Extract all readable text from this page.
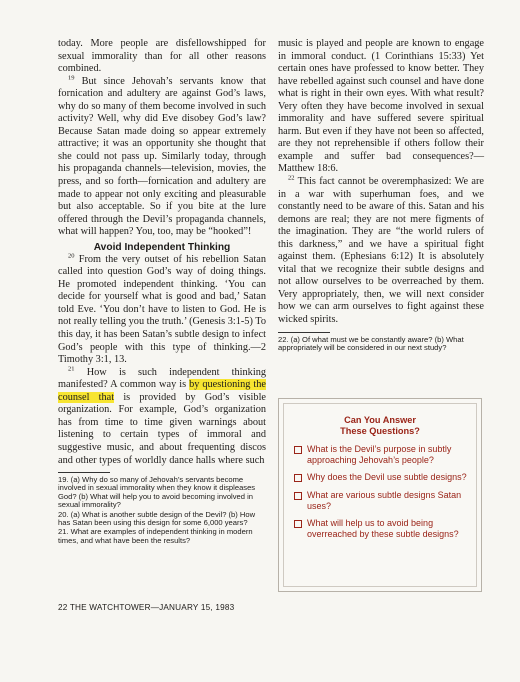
today. More people are disfellowshipped for sexual immorality than for all other reasons combined.

$^{19}$ But since Jehovah’s servants know that fornication and adultery are against God’s laws, why do so many of them become involved in such activity? Well, why did Eve disobey God’s law? Because Satan made doing so appear extremely attractive; it was an opportunity she thought that she could not pass up. Similarly today, through his propaganda channels—television, movies, the press, and so forth—fornication and adultery are made to appear not only exciting and pleasurable but also acceptable. So if you bite at the lure offered through the Devil’s propaganda channels, what will happen? You, too, may be “hooked”!

Avoid Independent Thinking

$^{20}$ From the very outset of his rebellion Satan called into question God’s way of doing things. He promoted independent thinking. ‘You can decide for yourself what is good and bad,’ Satan told Eve. ‘You don’t have to listen to God. He is not really telling you the truth.’ (Genesis 3:1-5) To this day, it has been Satan’s subtle design to infect God’s people with this type of thinking.—2 Timothy 3:1, 13.

$^{21}$ How is such independent thinking manifested? A common way is by questioning the counsel that is provided by God’s visible organization. For example, God’s organization has from time to time given warnings about listening to certain types of immoral and suggestive music, and about frequenting discos and other types of worldly dance halls where such

19. (a) Why do so many of Jehovah’s servants become involved in sexual immorality when they know it displeases God? (b) What will help you to avoid becoming involved in sexual immorality?

20. (a) What is another subtle design of the Devil? (b) How has Satan been using this design for some 6,000 years?

21. What are examples of independent thinking in modern times, and what have been the results?

music is played and people are known to engage in immoral conduct. (1 Corinthians 15:33) Yet certain ones have professed to know better. They have rebelled against such counsel and have done what is right in their own eyes. With what result? Very often they have become involved in sexual immorality and have suffered severe spiritual harm. But even if they have not been so affected, are they not reprehensible if others follow their example and suffer bad consequences?—Matthew 18:6.

$^{22}$ This fact cannot be overemphasized: We are in a war with superhuman foes, and we constantly need to be aware of this. Satan and his demons are real; they are not mere figments of the imagination. They are “the world rulers of this darkness,” and we have a spiritual fight against them. (Ephesians 6:12) It is absolutely vital that we recognize their subtle designs and not allow ourselves to be overreached by them. Very appropriately, then, we will next consider how we can arm ourselves to fight against these wicked spirits.

22. (a) Of what must we be constantly aware? (b) What appropriately will be considered in our next study?

Can You Answer
These Questions?
What is the Devil’s purpose in subtly approaching Jehovah’s people?
Why does the Devil use subtle designs?
What are various subtle designs Satan uses?
What will help us to avoid being overreached by these subtle designs?
22 THE WATCHTOWER—JANUARY 15, 1983
